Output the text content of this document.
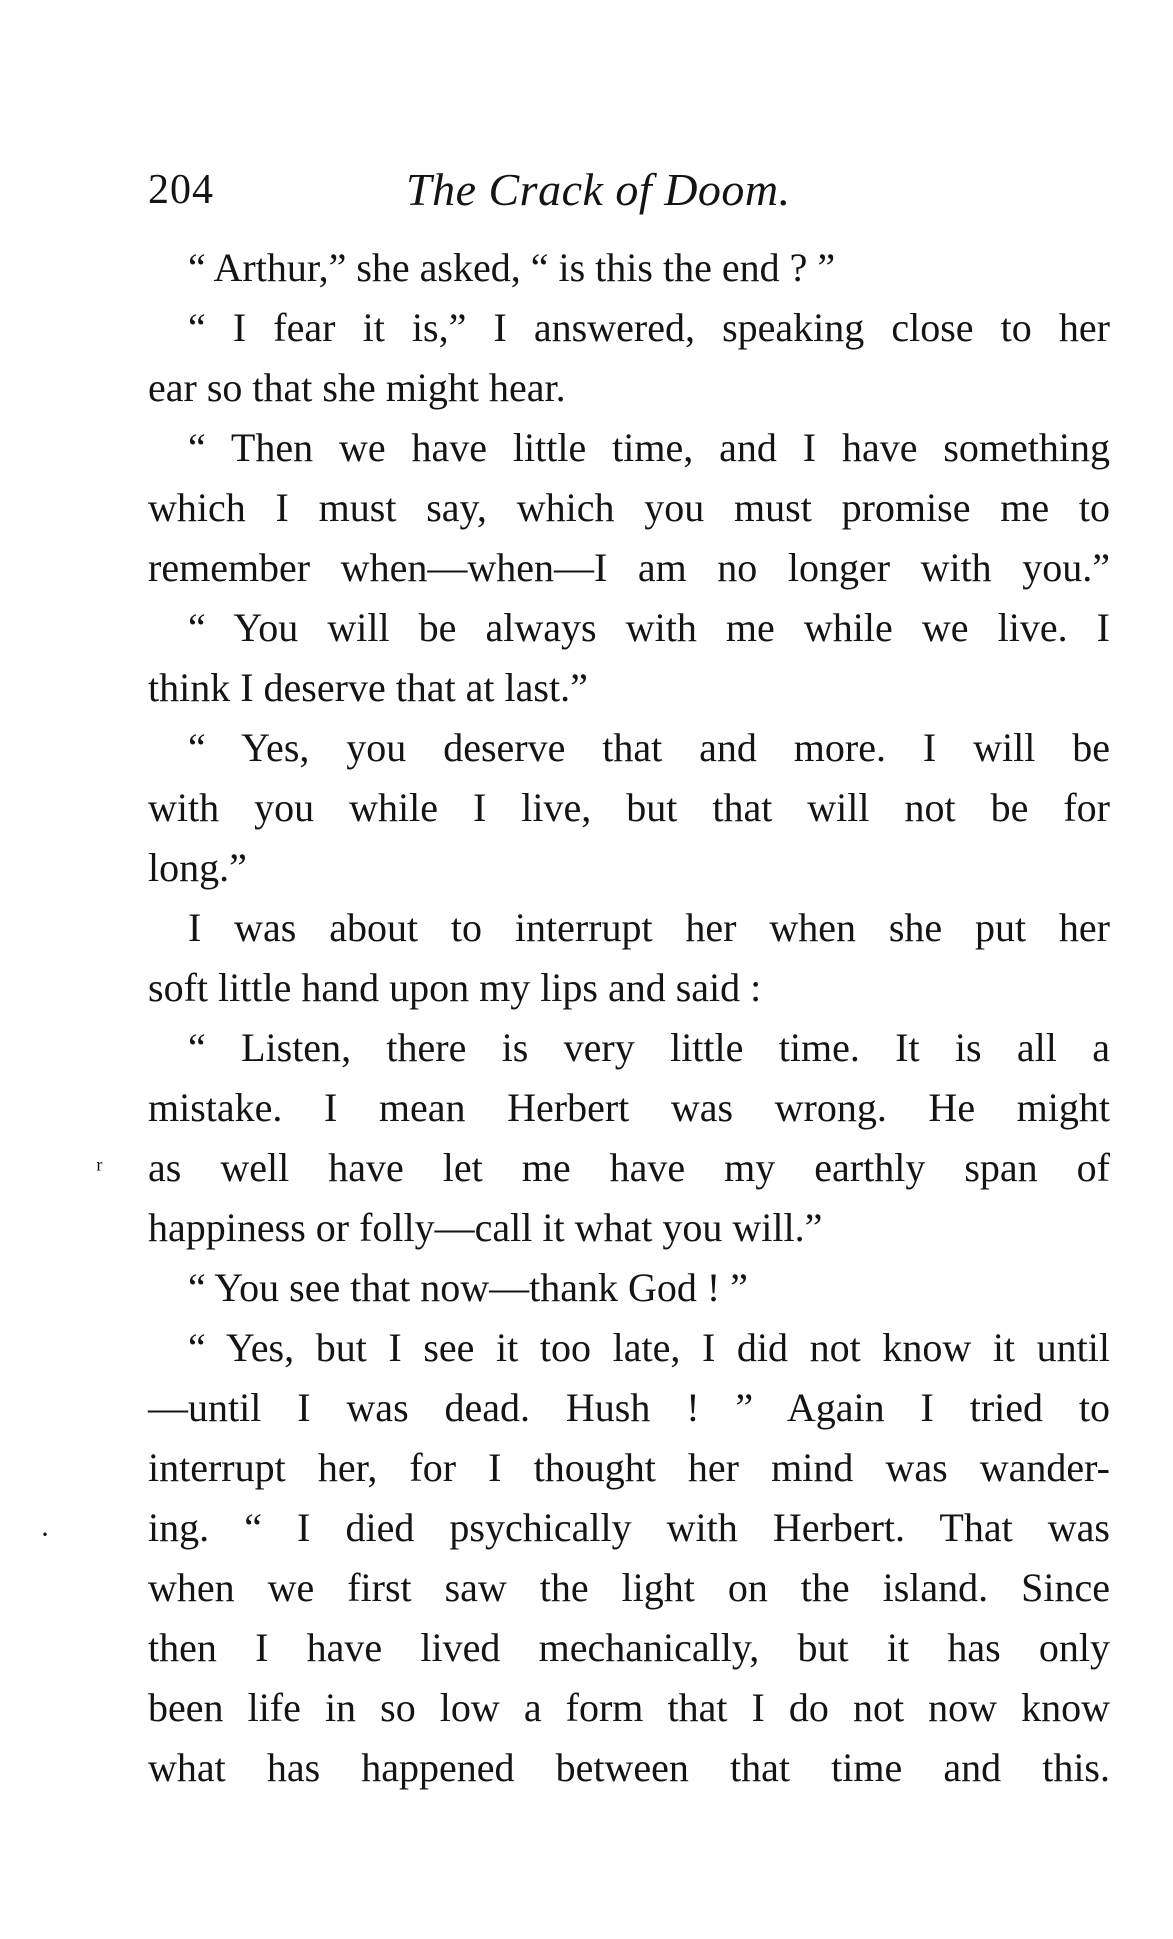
204	The Crack of Doom.
“ Arthur,” she asked, “ is this the end ? ”
“ I fear it is,” I answered, speaking close to her
ear so that she might hear.
“ Then we have little time, and I have something
which I must say, which you must promise me to
remember when—when—I am no longer with you.”
“ You will be always with me while we live. I
think I deserve that at last.”
“ Yes, you deserve that and more. I will be
with you while I live, but that will not be for
long.”
I was about to interrupt her when she put her
soft little hand upon my lips and said :
“ Listen, there is very little time. It is all a
mistake. I mean Herbert was wrong. He might
as well have let me have my earthly span of
happiness or folly—call it what you will.”
“ You see that now—thank God ! ”
“ Yes, but I see it too late, I did not know it until
—until I was dead. Hush ! ” Again I tried to
interrupt her, for I thought her mind was wander-
ing. “ I died psychically with Herbert. That was
when we first saw the light on the island. Since
then I have lived mechanically, but it has only
been life in so low a form that I do not now know
what has happened between that time and this.
ʳ
·
